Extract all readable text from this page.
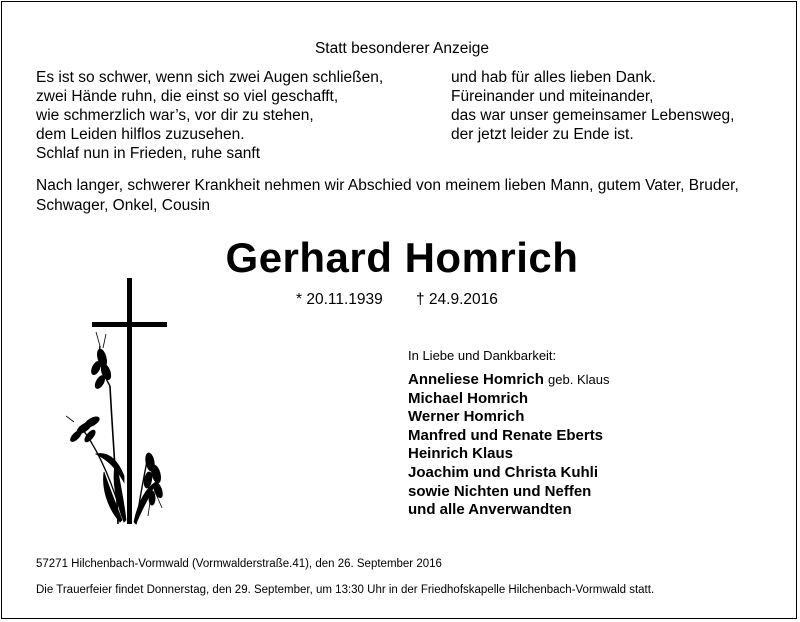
Statt besonderer Anzeige
Es ist so schwer, wenn sich zwei Augen schließen,
zwei Hände ruhn, die einst so viel geschafft,
wie schmerzlich war’s, vor dir zu stehen,
dem Leiden hilflos zuzusehen.
Schlaf nun in Frieden, ruhe sanft
und hab für alles lieben Dank.
Füreinander und miteinander,
das war unser gemeinsamer Lebensweg,
der jetzt leider zu Ende ist.
Nach langer, schwerer Krankheit nehmen wir Abschied von meinem lieben Mann, gutem Vater, Bruder, Schwager, Onkel, Cousin
Gerhard Homrich
* 20.11.1939 † 24.9.2016
In Liebe und Dankbarkeit:
Anneliese Homrich geb. Klaus
Michael Homrich
Werner Homrich
Manfred und Renate Eberts
Heinrich Klaus
Joachim und Christa Kuhli
sowie Nichten und Neffen
und alle Anverwandten
57271 Hilchenbach-Vormwald (Vormwalderstraße.41), den 26. September 2016
Die Trauerfeier findet Donnerstag, den 29. September, um 13:30 Uhr in der Friedhofskapelle Hilchenbach-Vormwald statt.
